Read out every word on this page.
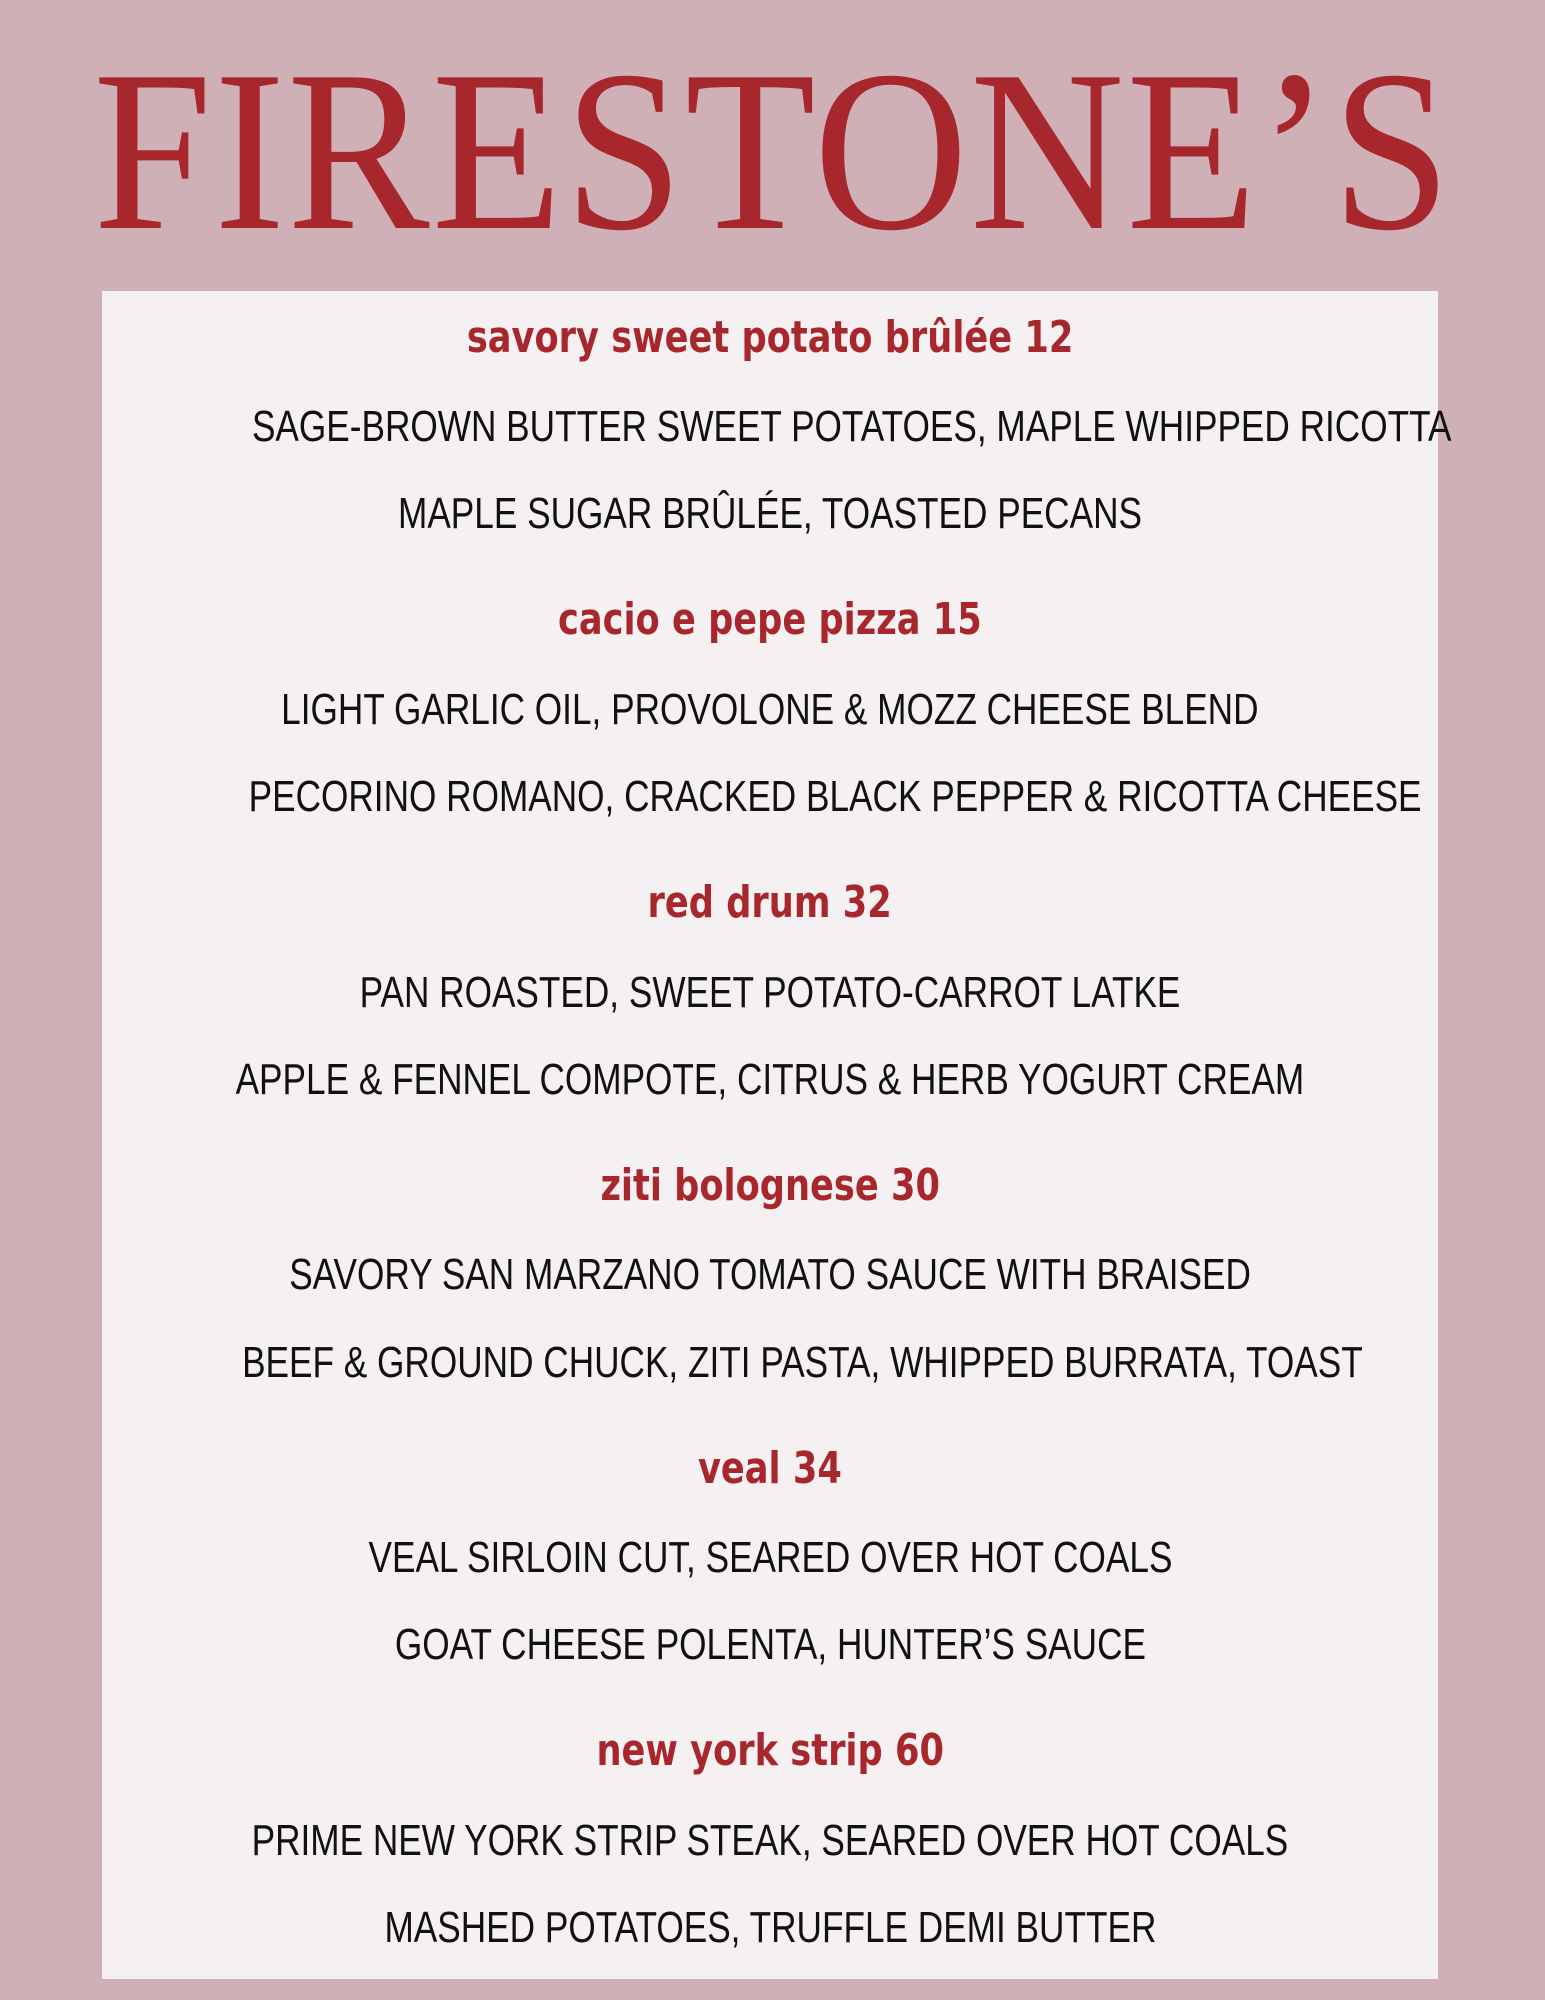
FIRESTONE’S
savory sweet potato brûlée 12
SAGE-BROWN BUTTER SWEET POTATOES, MAPLE WHIPPED RICOTTA
MAPLE SUGAR BRÛLÉE, TOASTED PECANS
cacio e pepe pizza 15
LIGHT GARLIC OIL, PROVOLONE & MOZZ CHEESE BLEND
PECORINO ROMANO, CRACKED BLACK PEPPER & RICOTTA CHEESE
red drum 32
PAN ROASTED, SWEET POTATO-CARROT LATKE
APPLE & FENNEL COMPOTE, CITRUS & HERB YOGURT CREAM
ziti bolognese 30
SAVORY SAN MARZANO TOMATO SAUCE WITH BRAISED
BEEF & GROUND CHUCK, ZITI PASTA, WHIPPED BURRATA, TOAST
veal 34
VEAL SIRLOIN CUT, SEARED OVER HOT COALS
GOAT CHEESE POLENTA, HUNTER’S SAUCE
new york strip 60
PRIME NEW YORK STRIP STEAK, SEARED OVER HOT COALS
MASHED POTATOES, TRUFFLE DEMI BUTTER
